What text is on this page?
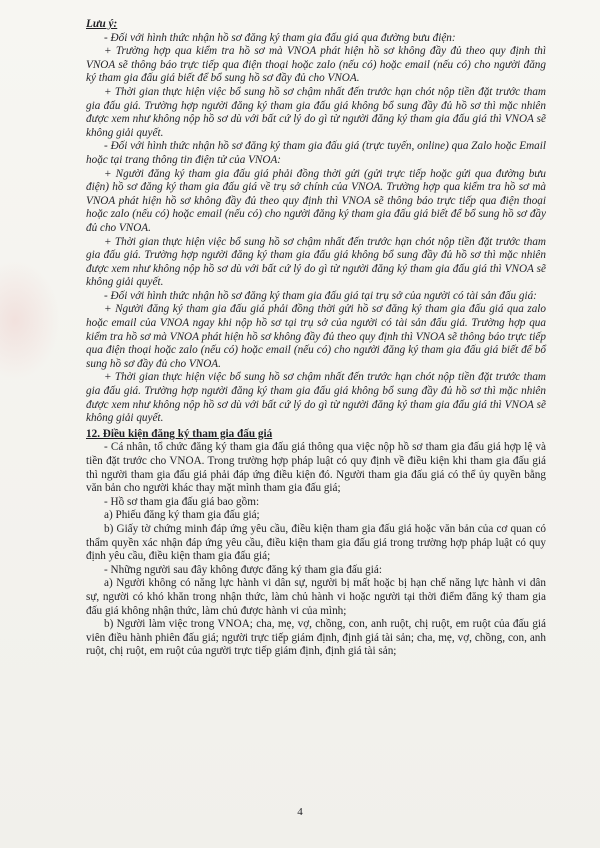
Lưu ý:

- Đối với hình thức nhận hồ sơ đăng ký tham gia đấu giá qua đường bưu điện:

+ Trường hợp qua kiểm tra hồ sơ mà VNOA phát hiện hồ sơ không đầy đủ theo quy định thì VNOA sẽ thông báo trực tiếp qua điện thoại hoặc zalo (nếu có) hoặc email (nếu có) cho người đăng ký tham gia đấu giá biết để bổ sung hồ sơ đầy đủ cho VNOA.

+ Thời gian thực hiện việc bổ sung hồ sơ chậm nhất đến trước hạn chót nộp tiền đặt trước tham gia đấu giá. Trường hợp người đăng ký tham gia đấu giá không bổ sung đầy đủ hồ sơ thì mặc nhiên được xem như không nộp hồ sơ dù với bất cứ lý do gì từ người đăng ký tham gia đấu giá thì VNOA sẽ không giải quyết.

- Đối với hình thức nhận hồ sơ đăng ký tham gia đấu giá (trực tuyến, online) qua Zalo hoặc Email hoặc tại trang thông tin điện tử của VNOA:

+ Người đăng ký tham gia đấu giá phải đồng thời gửi (gửi trực tiếp hoặc gửi qua đường bưu điện) hồ sơ đăng ký tham gia đấu giá về trụ sở chính của VNOA. Trường hợp qua kiểm tra hồ sơ mà VNOA phát hiện hồ sơ không đầy đủ theo quy định thì VNOA sẽ thông báo trực tiếp qua điện thoại hoặc zalo (nếu có) hoặc email (nếu có) cho người đăng ký tham gia đấu giá biết để bổ sung hồ sơ đầy đủ cho VNOA.

+ Thời gian thực hiện việc bổ sung hồ sơ chậm nhất đến trước hạn chót nộp tiền đặt trước tham gia đấu giá. Trường hợp người đăng ký tham gia đấu giá không bổ sung đầy đủ hồ sơ thì mặc nhiên được xem như không nộp hồ sơ dù với bất cứ lý do gì từ người đăng ký tham gia đấu giá thì VNOA sẽ không giải quyết.

- Đối với hình thức nhận hồ sơ đăng ký tham gia đấu giá tại trụ sở của người có tài sản đấu giá:

+ Người đăng ký tham gia đấu giá phải đồng thời gửi hồ sơ đăng ký tham gia đấu giá qua zalo hoặc email của VNOA ngay khi nộp hồ sơ tại trụ sở của người có tài sản đấu giá. Trường hợp qua kiểm tra hồ sơ mà VNOA phát hiện hồ sơ không đầy đủ theo quy định thì VNOA sẽ thông báo trực tiếp qua điện thoại hoặc zalo (nếu có) hoặc email (nếu có) cho người đăng ký tham gia đấu giá biết để bổ sung hồ sơ đầy đủ cho VNOA.

+ Thời gian thực hiện việc bổ sung hồ sơ chậm nhất đến trước hạn chót nộp tiền đặt trước tham gia đấu giá. Trường hợp người đăng ký tham gia đấu giá không bổ sung đầy đủ hồ sơ thì mặc nhiên được xem như không nộp hồ sơ dù với bất cứ lý do gì từ người đăng ký tham gia đấu giá thì VNOA sẽ không giải quyết.

12. Điều kiện đăng ký tham gia đấu giá

- Cá nhân, tổ chức đăng ký tham gia đấu giá thông qua việc nộp hồ sơ tham gia đấu giá hợp lệ và tiền đặt trước cho VNOA. Trong trường hợp pháp luật có quy định về điều kiện khi tham gia đấu giá thì người tham gia đấu giá phải đáp ứng điều kiện đó. Người tham gia đấu giá có thể ủy quyền bằng văn bản cho người khác thay mặt mình tham gia đấu giá;

- Hồ sơ tham gia đấu giá bao gồm:

a) Phiếu đăng ký tham gia đấu giá;

b) Giấy tờ chứng minh đáp ứng yêu cầu, điều kiện tham gia đấu giá hoặc văn bản của cơ quan có thẩm quyền xác nhận đáp ứng yêu cầu, điều kiện tham gia đấu giá trong trường hợp pháp luật có quy định yêu cầu, điều kiện tham gia đấu giá;

- Những người sau đây không được đăng ký tham gia đấu giá:

a) Người không có năng lực hành vi dân sự, người bị mất hoặc bị hạn chế năng lực hành vi dân sự, người có khó khăn trong nhận thức, làm chủ hành vi hoặc người tại thời điểm đăng ký tham gia đấu giá không nhận thức, làm chủ được hành vi của mình;

b) Người làm việc trong VNOA; cha, mẹ, vợ, chồng, con, anh ruột, chị ruột, em ruột của đấu giá viên điều hành phiên đấu giá; người trực tiếp giám định, định giá tài sản; cha, mẹ, vợ, chồng, con, anh ruột, chị ruột, em ruột của người trực tiếp giám định, định giá tài sản;

4
